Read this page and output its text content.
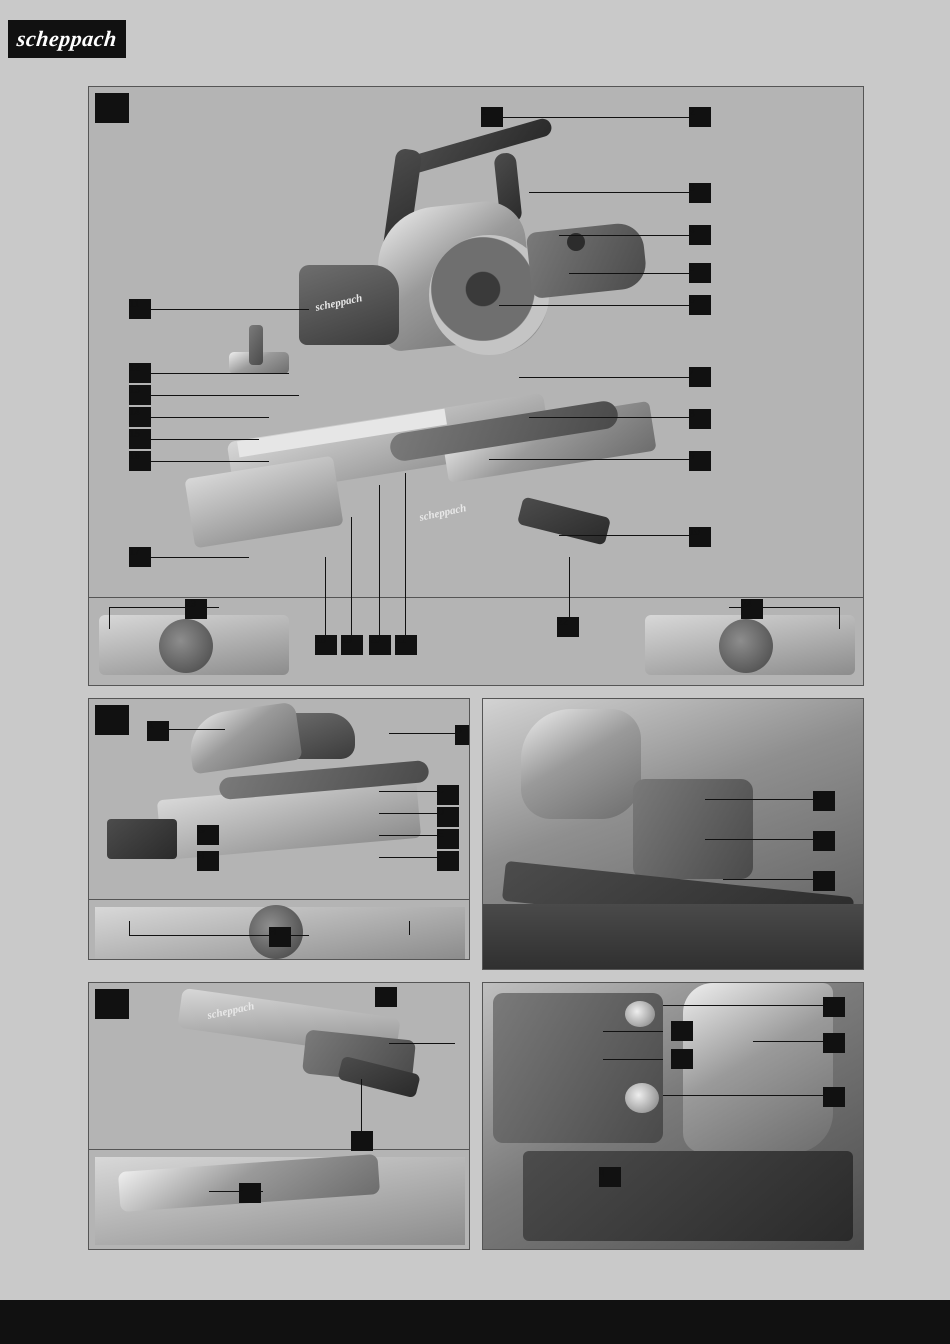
scheppach
scheppach
scheppach
1	2
3
4
5
6
7
8
9
10
11
12
13
14
15
16
17
18	19	20	21
22
23	24
A	B
C
D
E
F
G
H
H
a
b
c
scheppach
x
y
z
p
q
r
s
r
q
